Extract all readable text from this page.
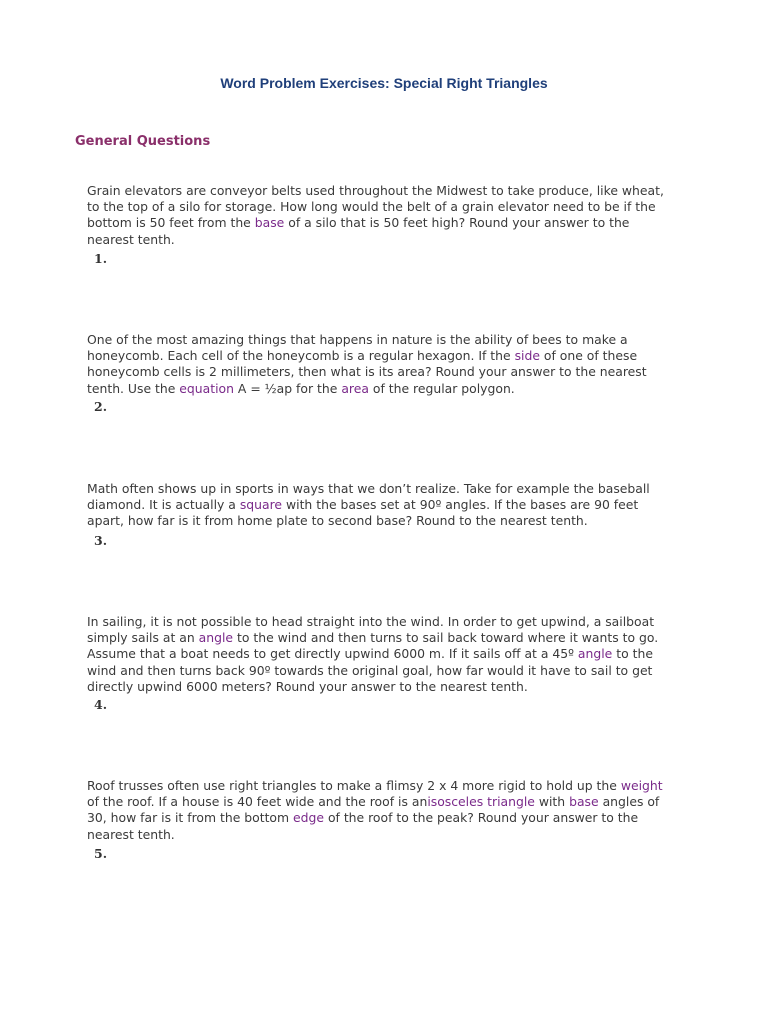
Word Problem Exercises: Special Right Triangles
General Questions
Grain elevators are conveyor belts used throughout the Midwest to take produce, like wheat, to the top of a silo for storage. How long would the belt of a grain elevator need to be if the bottom is 50 feet from the base of a silo that is 50 feet high? Round your answer to the nearest tenth.
1.
One of the most amazing things that happens in nature is the ability of bees to make a honeycomb. Each cell of the honeycomb is a regular hexagon. If the side of one of these honeycomb cells is 2 millimeters, then what is its area? Round your answer to the nearest tenth. Use the equation A = ½ap for the area of the regular polygon.
2.
Math often shows up in sports in ways that we don’t realize. Take for example the baseball diamond. It is actually a square with the bases set at 90º angles. If the bases are 90 feet apart, how far is it from home plate to second base? Round to the nearest tenth.
3.
In sailing, it is not possible to head straight into the wind. In order to get upwind, a sailboat simply sails at an angle to the wind and then turns to sail back toward where it wants to go. Assume that a boat needs to get directly upwind 6000 m. If it sails off at a 45º angle to the wind and then turns back 90º towards the original goal, how far would it have to sail to get directly upwind 6000 meters? Round your answer to the nearest tenth.
4.
Roof trusses often use right triangles to make a flimsy 2 x 4 more rigid to hold up the weight of the roof. If a house is 40 feet wide and the roof is anisosceles triangle with base angles of 30, how far is it from the bottom edge of the roof to the peak? Round your answer to the nearest tenth.
5.
